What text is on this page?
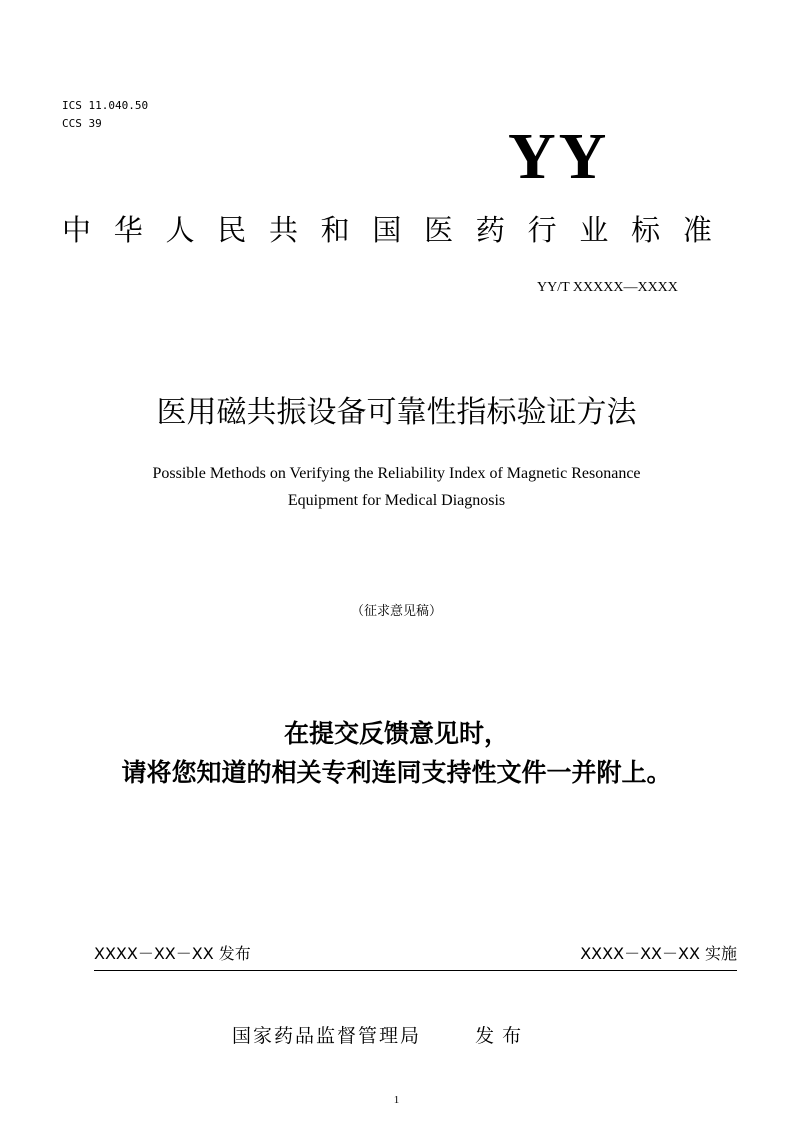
ICS 11.040.50
CCS 39	YY
中 华 人 民 共 和 国 医 药 行 业 标 准
YY/T XXXXX—XXXX
医用磁共振设备可靠性指标验证方法
Possible Methods on Verifying the Reliability Index of Magnetic Resonance
Equipment for Medical Diagnosis
（征求意见稿）
在提交反馈意见时，
请将您知道的相关专利连同支持性文件一并附上。
XXXX－XX－XX 发布	XXXX－XX－XX 实施
国家药品监督管理局	发布
1
